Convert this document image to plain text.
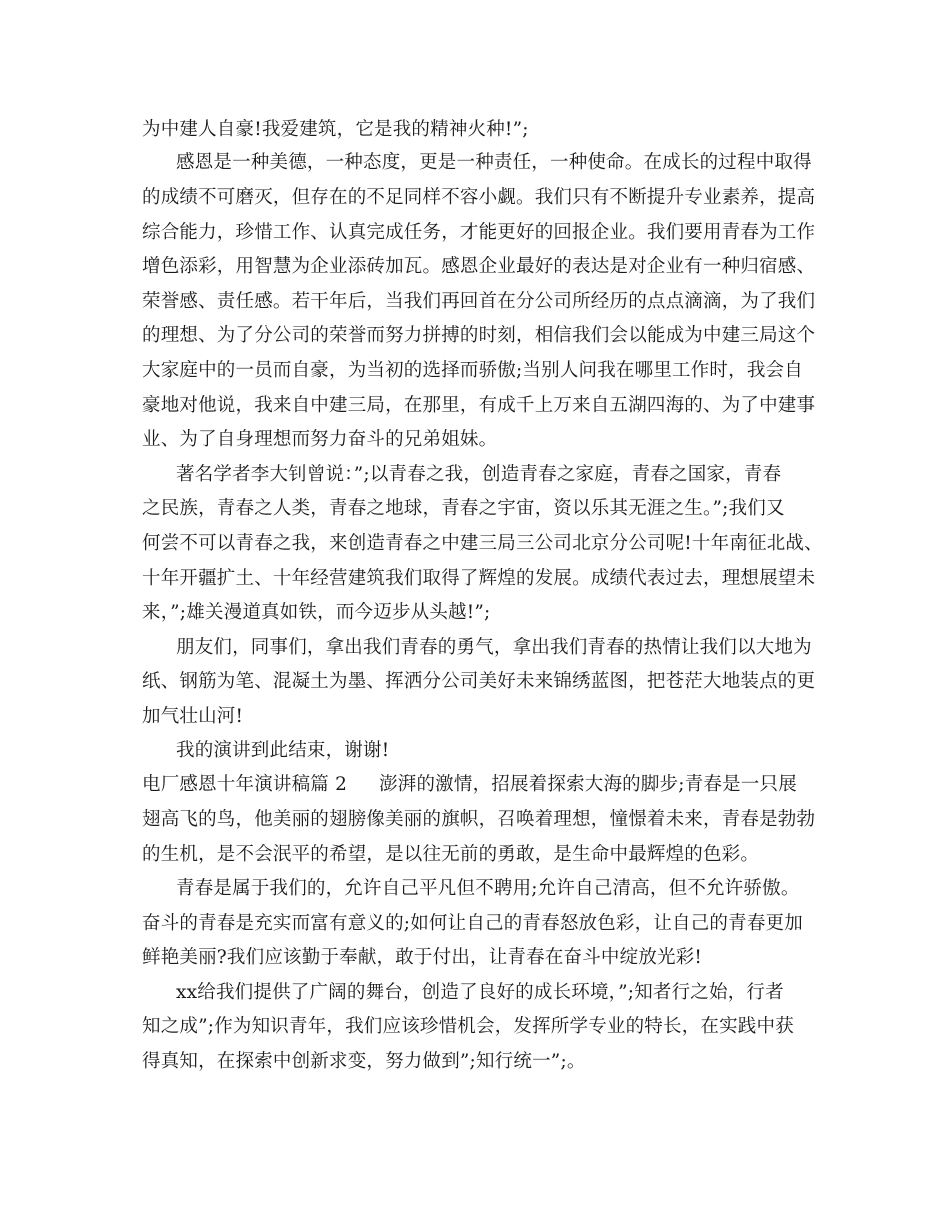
为中建人自豪!我爱建筑，它是我的精神火种!”;
感恩是一种美德，一种态度，更是一种责任，一种使命。在成长的过程中取得
的成绩不可磨灭，但存在的不足同样不容小觑。我们只有不断提升专业素养，提高
综合能力，珍惜工作、认真完成任务，才能更好的回报企业。我们要用青春为工作
增色添彩，用智慧为企业添砖加瓦。感恩企业最好的表达是对企业有一种归宿感、
荣誉感、责任感。若干年后，当我们再回首在分公司所经历的点点滴滴，为了我们
的理想、为了分公司的荣誉而努力拼搏的时刻，相信我们会以能成为中建三局这个
大家庭中的一员而自豪，为当初的选择而骄傲;当别人问我在哪里工作时，我会自
豪地对他说，我来自中建三局，在那里，有成千上万来自五湖四海的、为了中建事
业、为了自身理想而努力奋斗的兄弟姐妹。
著名学者李大钊曾说：”;以青春之我，创造青春之家庭，青春之国家，青春
之民族，青春之人类，青春之地球，青春之宇宙，资以乐其无涯之生。”;我们又
何尝不可以青春之我，来创造青春之中建三局三公司北京分公司呢!十年南征北战、
十年开疆扩土、十年经营建筑我们取得了辉煌的发展。成绩代表过去，理想展望未
来，”;雄关漫道真如铁，而今迈步从头越!”;
朋友们，同事们，拿出我们青春的勇气，拿出我们青春的热情让我们以大地为
纸、钢筋为笔、混凝土为墨、挥洒分公司美好未来锦绣蓝图，把苍茫大地装点的更
加气壮山河!
我的演讲到此结束，谢谢!
电厂感恩十年演讲稿篇 2 澎湃的激情，招展着探索大海的脚步;青春是一只展
翅高飞的鸟，他美丽的翅膀像美丽的旗帜，召唤着理想，憧憬着未来，青春是勃勃
的生机，是不会泯平的希望，是以往无前的勇敢，是生命中最辉煌的色彩。
青春是属于我们的，允许自己平凡但不聘用;允许自己清高，但不允许骄傲。
奋斗的青春是充实而富有意义的;如何让自己的青春怒放色彩，让自己的青春更加
鲜艳美丽?我们应该勤于奉献，敢于付出，让青春在奋斗中绽放光彩!
xx给我们提供了广阔的舞台，创造了良好的成长环境，”;知者行之始，行者
知之成”;作为知识青年，我们应该珍惜机会，发挥所学专业的特长，在实践中获
得真知，在探索中创新求变，努力做到”;知行统一”;。
